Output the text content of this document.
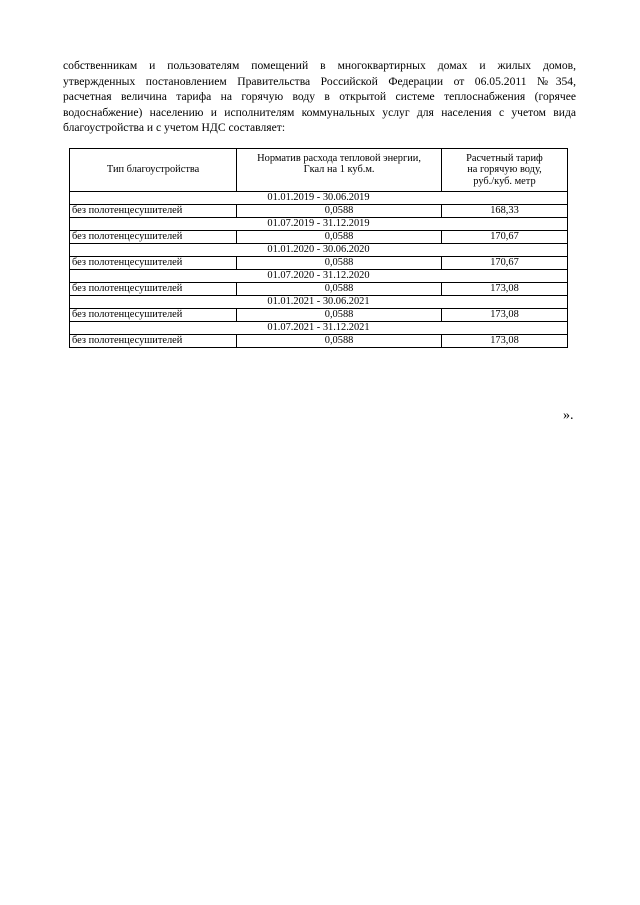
собственникам и пользователям помещений в многоквартирных домах и жилых домов,
утвержденных постановлением Правительства Российской Федерации от 06.05.2011 №354,
расчетная величина тарифа на горячую воду в открытой системе теплоснабжения (горячее
водоснабжение) населению и исполнителям коммунальных услуг для населения с учетом вида
благоустройства и с учетом НДС составляет:
Тип благоустройства	Норматив расхода тепловой энергии,
Гкал на 1 куб.м.	Расчетный тариф
на горячую воду,
руб./куб. метр
01.01.2019 - 30.06.2019		
без полотенцесушителей	0,0588	168,33
01.07.2019 - 31.12.2019		
без полотенцесушителей	0,0588	170,67
01.01.2020 - 30.06.2020		
без полотенцесушителей	0,0588	170,67
01.07.2020 - 31.12.2020		
без полотенцесушителей	0,0588	173,08
01.01.2021 - 30.06.2021		
без полотенцесушителей	0,0588	173,08
01.07.2021 - 31.12.2021		
без полотенцесушителей	0,0588	173,08
».
